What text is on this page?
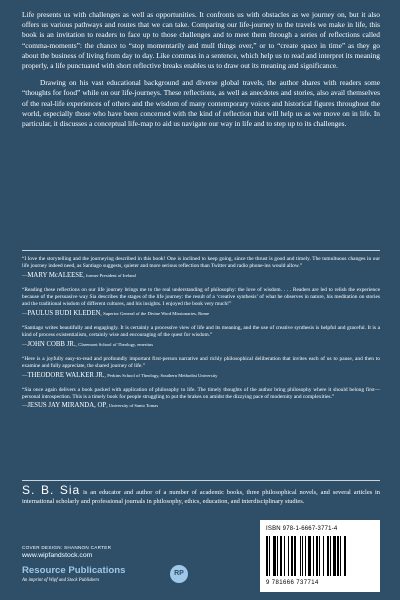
Life presents us with challenges as well as opportunities. It confronts us with obstacles as we journey on, but it also offers us various pathways and routes that we can take. Comparing our life-journey to the travels we make in life, this book is an invitation to readers to face up to those challenges and to meet them through a series of reflections called “comma-moments”: the chance to “stop momentarily and mull things over,” or to “create space in time” as they go about the business of living from day to day. Like commas in a sentence, which help us to read and interpret its meaning properly, a life punctuated with short reflective breaks enables us to draw out its meaning and significance.

Drawing on his vast educational background and diverse global travels, the author shares with readers some “thoughts for food” while on our life-journeys. These reflections, as well as anecdotes and stories, also avail themselves of the real-life experiences of others and the wisdom of many contemporary voices and historical figures throughout the world, especially those who have been concerned with the kind of reflection that will help us as we move on in life. In particular, it discusses a conceptual life-map to aid us navigate our way in life and to step up to its challenges.

“I love the storytelling and the journeying described in this book! One is inclined to keep going, since the thrust is good and timely. The tumultuous changes in our life journey indeed need, as Santiago suggests, quieter and more serious reflection than Twitter and radio phone-ins would allow.”

—MARY McALEESE, former President of Ireland

“Reading these reflections on our life journey brings me to the real understanding of philosophy: the love of wisdom. . . . Readers are led to relish the experience because of the persuasive way Sia describes the stages of the life journey: the result of a ‘creative synthesis’ of what he observes in nature, his meditation on stories and the traditional wisdom of different cultures, and his insights. I enjoyed the book very much!”

—PAULUS BUDI KLEDEN, Superior General of the Divine Word Missionaries, Rome

“Santiago writes beautifully and engagingly. It is certainly a processive view of life and its meaning, and the use of creative synthesis is helpful and graceful. It is a kind of process existentialism, certainly wise and encouraging of the quest for wisdom.”

—JOHN COBB JR., Claremont School of Theology, emeritus

“Here is a joyfully easy-to-read and profoundly important first-person narrative and richly philosophical deliberation that invites each of us to pause, and then to examine and fully appreciate, the shared journey of life.”

—THEODORE WALKER JR., Perkins School of Theology, Southern Methodist University

“Sia once again delivers a book packed with application of philosophy to life. The timely thoughts of the author bring philosophy where it should belong first—personal introspection. This is a timely book for people struggling to put the brakes on amidst the dizzying pace of modernity and complexities.”

—JESUS JAY MIRANDA, OP, University of Santo Tomas

S. B. Sia is an educator and author of a number of academic books, three philosophical novels, and several articles in international scholarly and professional journals in philosophy, ethics, education, and interdisciplinary studies.
COVER DESIGN: SHANNON CARTER
www.wipfandstock.com
Resource Publications
An imprint of Wipf and Stock Publishers
RP
ISBN 978-1-6667-3771-4
9 781666 737714
